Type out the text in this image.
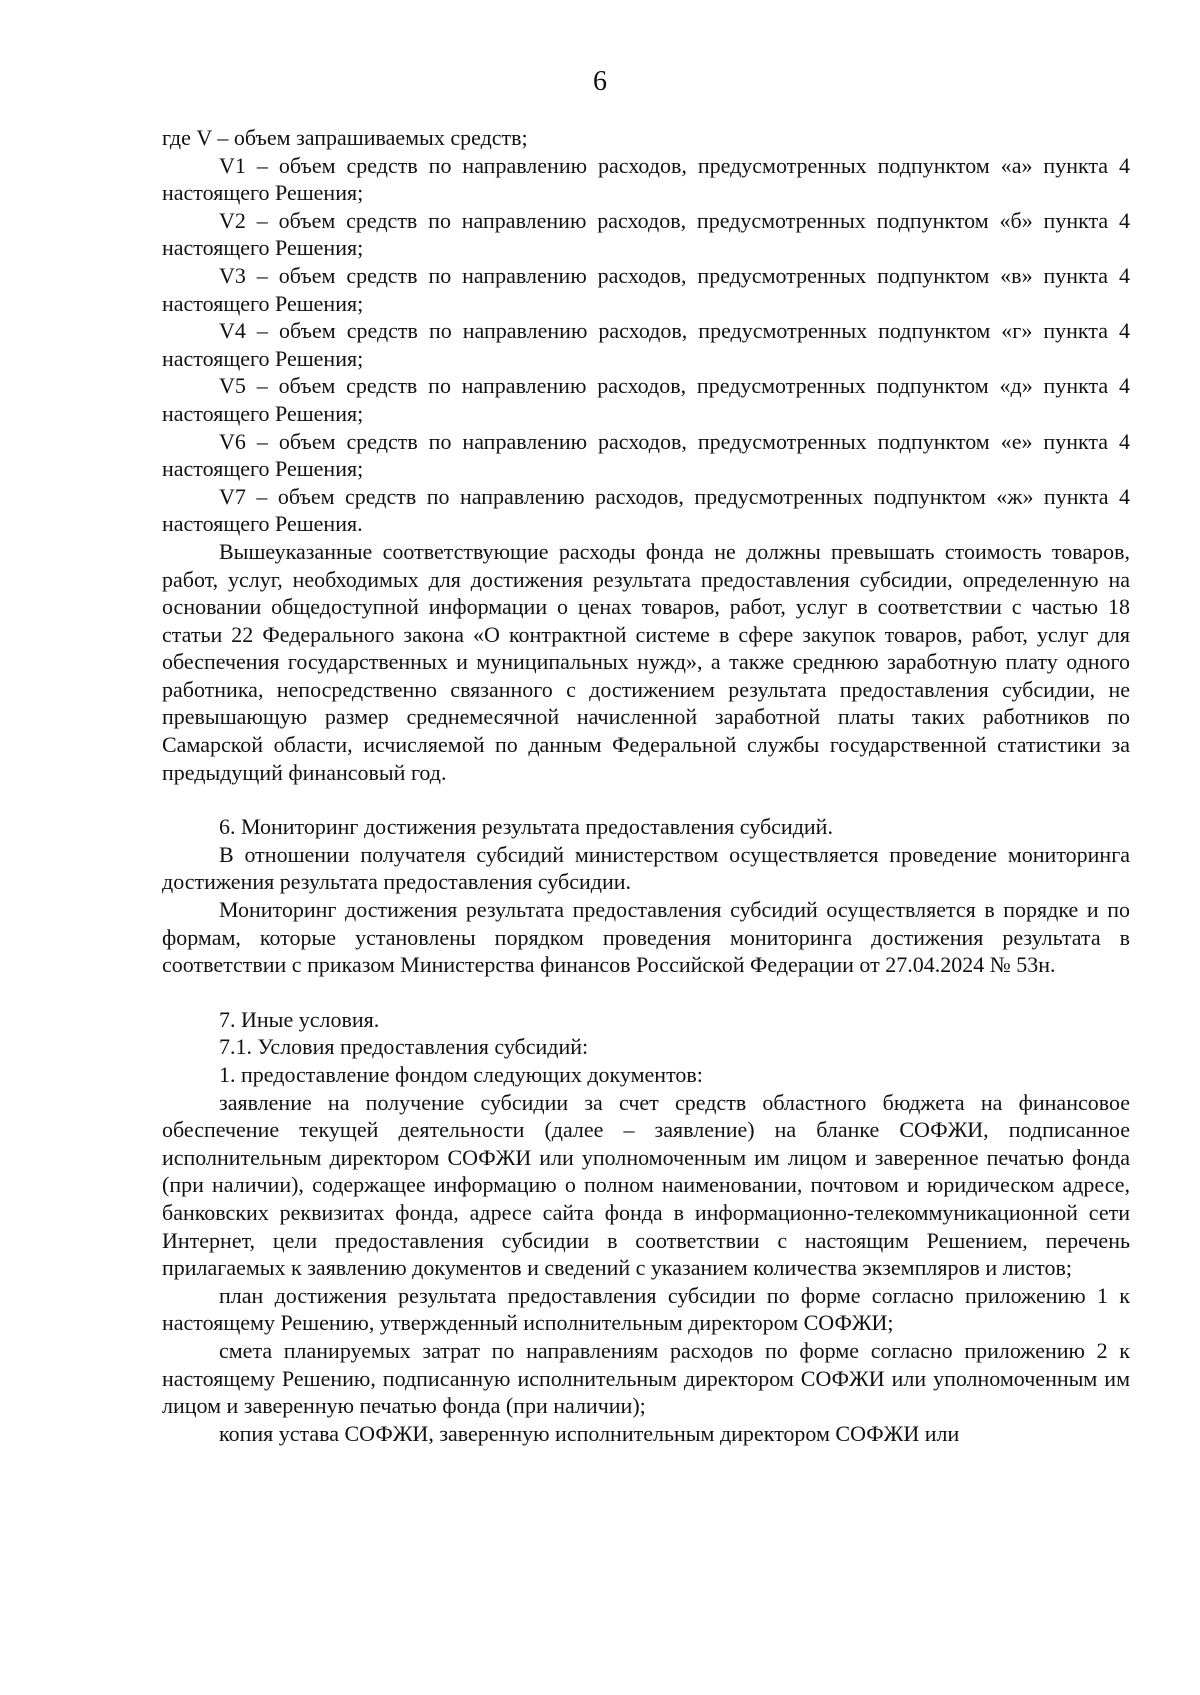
6

где V – объем запрашиваемых средств;

V1 – объем средств по направлению расходов, предусмотренных подпунктом «а» пункта 4 настоящего Решения;

V2 – объем средств по направлению расходов, предусмотренных подпунктом «б» пункта 4 настоящего Решения;

V3 – объем средств по направлению расходов, предусмотренных подпунктом «в» пункта 4 настоящего Решения;

V4 – объем средств по направлению расходов, предусмотренных подпунктом «г» пункта 4 настоящего Решения;

V5 – объем средств по направлению расходов, предусмотренных подпунктом «д» пункта 4 настоящего Решения;

V6 – объем средств по направлению расходов, предусмотренных подпунктом «е» пункта 4 настоящего Решения;

V7 – объем средств по направлению расходов, предусмотренных подпунктом «ж» пункта 4 настоящего Решения.

Вышеуказанные соответствующие расходы фонда не должны превышать стоимость товаров, работ, услуг, необходимых для достижения результата предоставления субсидии, определенную на основании общедоступной информации о ценах товаров, работ, услуг в соответствии с частью 18 статьи 22 Федерального закона «О контрактной системе в сфере закупок товаров, работ, услуг для обеспечения государственных и муниципальных нужд», а также среднюю заработную плату одного работника, непосредственно связанного с достижением результата предоставления субсидии, не превышающую размер среднемесячной начисленной заработной платы таких работников по Самарской области, исчисляемой по данным Федеральной службы государственной статистики за предыдущий финансовый год.

6. Мониторинг достижения результата предоставления субсидий.

В отношении получателя субсидий министерством осуществляется проведение мониторинга достижения результата предоставления субсидии.

Мониторинг достижения результата предоставления субсидий осуществляется в порядке и по формам, которые установлены порядком проведения мониторинга достижения результата в соответствии с приказом Министерства финансов Российской Федерации от 27.04.2024 № 53н.

7. Иные условия.

7.1. Условия предоставления субсидий:

1. предоставление фондом следующих документов:

заявление на получение субсидии за счет средств областного бюджета на финансовое обеспечение текущей деятельности (далее – заявление) на бланке СОФЖИ, подписанное исполнительным директором СОФЖИ или уполномоченным им лицом и заверенное печатью фонда (при наличии), содержащее информацию о полном наименовании, почтовом и юридическом адресе, банковских реквизитах фонда, адресе сайта фонда в информационно-телекоммуникационной сети Интернет, цели предоставления субсидии в соответствии с настоящим Решением, перечень прилагаемых к заявлению документов и сведений с указанием количества экземпляров и листов;

план достижения результата предоставления субсидии по форме согласно приложению 1 к настоящему Решению, утвержденный исполнительным директором СОФЖИ;

смета планируемых затрат по направлениям расходов по форме согласно приложению 2 к настоящему Решению, подписанную исполнительным директором СОФЖИ или уполномоченным им лицом и заверенную печатью фонда (при наличии);

копия устава СОФЖИ, заверенную исполнительным директором СОФЖИ или
